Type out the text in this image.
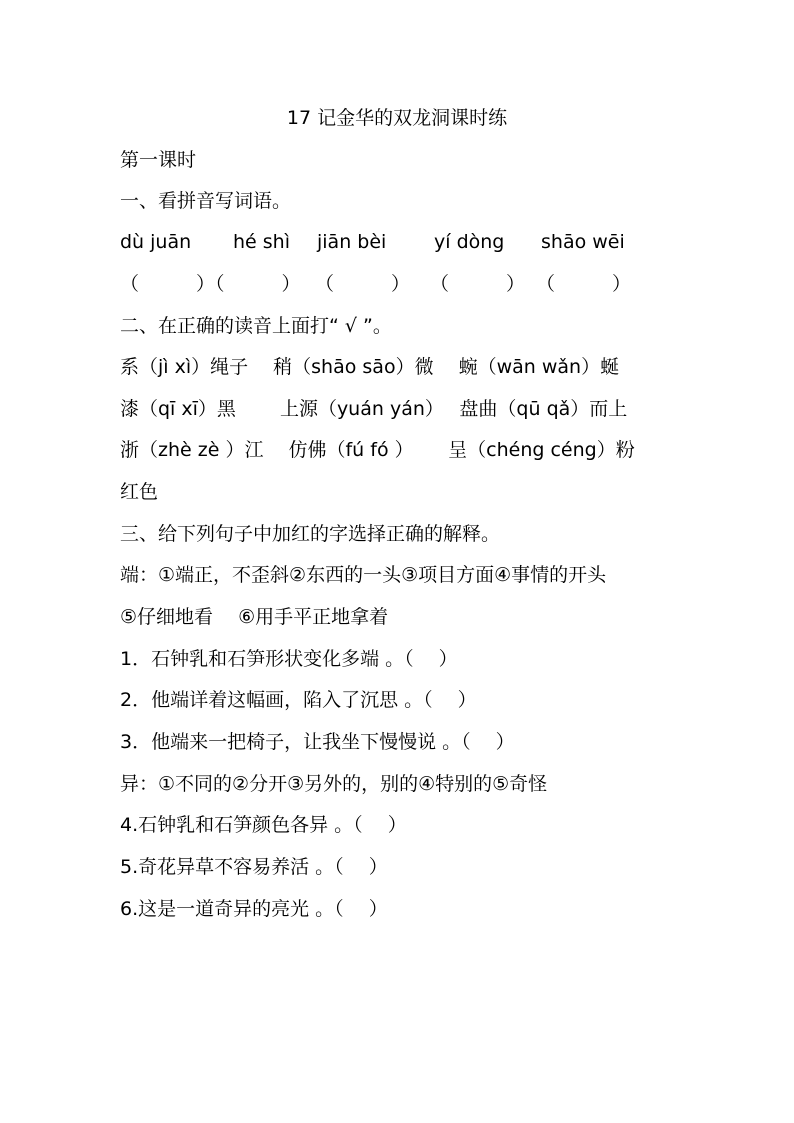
17 记金华的双龙洞课时练
第一课时
一、看拼音写词语。
dù juān hé shì jiān bèi	yí dòng shāo wēi
（　　　）（　　　） （　　　） （　　　） （　　　）
二、在正确的读音上面打“ √ ”。
系（jì xì）绳子　 稍（shāo sāo）微　 蜿（wān wǎn）蜒
漆（qī xī）黑　　 上源（yuán yán）　 盘曲（qū qǎ）而上
浙（zhè zè ）江　 仿佛（fú fó ）　　 呈（chéng céng）粉
红色
三、给下列句子中加红的字选择正确的解释。
端：①端正，不歪斜②东西的一头③项目方面④事情的开头
⑤仔细地看　 ⑥用手平正地拿着
1．石钟乳和石笋形状变化多端 。（　 ）
2．他端详着这幅画，陷入了沉思 。（　 ）
3．他端来一把椅子，让我坐下慢慢说 。（　 ）
异：①不同的②分开③另外的，别的④特别的⑤奇怪
4.石钟乳和石笋颜色各异 。（　 ）
5.奇花异草不容易养活 。（　 ）
6.这是一道奇异的亮光 。（　 ）
